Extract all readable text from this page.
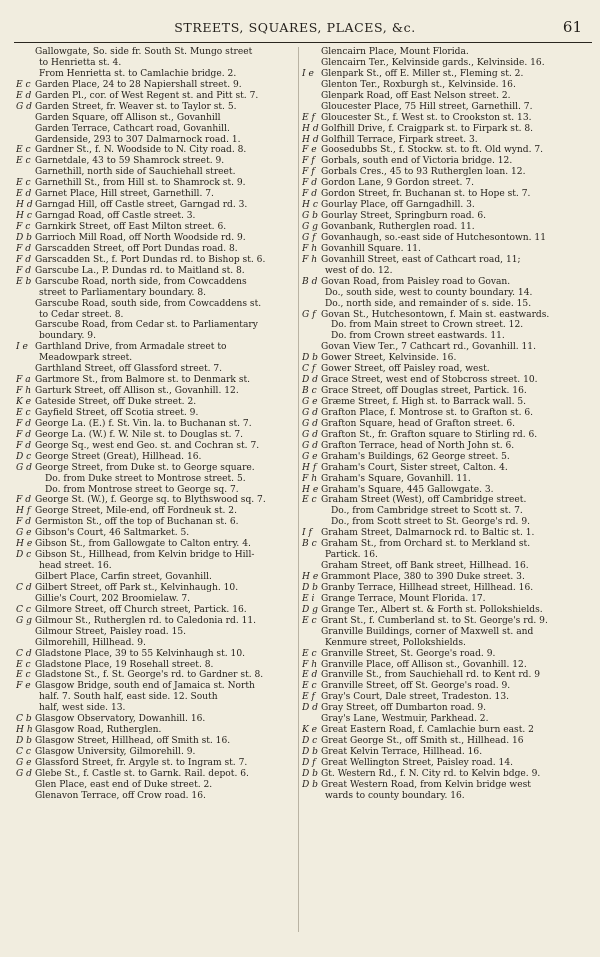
STREETS, SQUARES, PLACES, &c.	61
Gallowgate, So. side fr. South St. Mungo street
to Henrietta st. 4.
From Henrietta st. to Camlachie bridge. 2.
E c Garden Place, 24 to 28 Napiershall street. 9.
E d Garden Pl., cor. of West Regent st. and Pitt st. 7.
G d Garden Street, fr. Weaver st. to Taylor st. 5.
Garden Square, off Allison st., Govanhill
Garden Terrace, Cathcart road, Govanhill.
Gardenside, 293 to 307 Dalmarnock road. 1.
E c Gardner St., f. N. Woodside to N. City road. 8.
E c Garnetdale, 43 to 59 Shamrock street. 9.
Garnethill, north side of Sauchiehall street.
E c Garnethill St., from Hill st. to Shamrock st. 9.
E d Garnet Place, Hill street, Garnethill. 7.
H d Garngad Hill, off Castle street, Garngad rd. 3.
H c Garngad Road, off Castle street. 3.
F c Garnkirk Street, off East Milton street. 6.
D b Garrioch Mill Road, off North Woodside rd. 9.
F d Garscadden Street, off Port Dundas road. 8.
F d Garscadden St., f. Port Dundas rd. to Bishop st. 6.
F d Garscube La., P. Dundas rd. to Maitland st. 8.
E b Garscube Road, north side, from Cowcaddens
street to Parliamentary boundary. 8.
Garscube Road, south side, from Cowcaddens st.
to Cedar street. 8.
Garscube Road, from Cedar st. to Parliamentary
boundary. 9.
I e Garthland Drive, from Armadale street to
Meadowpark street.
Garthland Street, off Glassford street. 7.
F a Gartmore St., from Balmore st. to Denmark st.
F h Garturk Street, off Allison st., Govanhill. 12.
K e Gateside Street, off Duke street. 2.
E c Gayfield Street, off Scotia street. 9.
F d George La. (E.) f. St. Vin. la. to Buchanan st. 7.
F d George La. (W.) f. W. Nile st. to Douglas st. 7.
F d George Sq., west end Geo. st. and Cochran st. 7.
D c George Street (Great), Hillhead. 16.
G d George Street, from Duke st. to George square.
Do. from Duke street to Montrose street. 5.
Do. from Montrose street to George sq. 7.
F d George St. (W.), f. George sq. to Blythswood sq. 7.
H f George Street, Mile-end, off Fordneuk st. 2.
F d Germiston St., off the top of Buchanan st. 6.
G e Gibson's Court, 46 Saltmarket. 5.
H e Gibson St., from Gallowgate to Calton entry. 4.
D c Gibson St., Hillhead, from Kelvin bridge to Hill-
head street. 16.
Gilbert Place, Carfin street, Govanhill.
C d Gilbert Street, off Park st., Kelvinhaugh. 10.
Gillie's Court, 202 Broomielaw. 7.
C c Gilmore Street, off Church street, Partick. 16.
G g Gilmour St., Rutherglen rd. to Caledonia rd. 11.
Gilmour Street, Paisley road. 15.
Gilmorehill, Hillhead. 9.
C d Gladstone Place, 39 to 55 Kelvinhaugh st. 10.
E c Gladstone Place, 19 Rosehall street. 8.
E c Gladstone St., f. St. George's rd. to Gardner st. 8.
F e Glasgow Bridge, south end of Jamaica st. North
half. 7. South half, east side. 12. South
half, west side. 13.
C b Glasgow Observatory, Dowanhill. 16.
H h Glasgow Road, Rutherglen.
D b Glasgow Street, Hillhead, off Smith st. 16.
C c Glasgow University, Gilmorehill. 9.
G e Glassford Street, fr. Argyle st. to Ingram st. 7.
G d Glebe St., f. Castle st. to Garnk. Rail. depot. 6.
Glen Place, east end of Duke street. 2.
Glenavon Terrace, off Crow road. 16.
Glencairn Place, Mount Florida.
Glencairn Ter., Kelvinside gards., Kelvinside. 16.
I e Glenpark St., off E. Miller st., Fleming st. 2.
Glenton Ter., Roxburgh st., Kelvinside. 16.
Glenpark Road, off East Nelson street. 2.
Gloucester Place, 75 Hill street, Garnethill. 7.
E f Gloucester St., f. West st. to Crookston st. 13.
H d Golfhill Drive, f. Craigpark st. to Firpark st. 8.
H d Golfhill Terrace, Firpark street. 3.
F e Goosedubbs St., f. Stockw. st. to ft. Old wynd. 7.
F f Gorbals, south end of Victoria bridge. 12.
F f Gorbals Cres., 45 to 93 Rutherglen loan. 12.
F d Gordon Lane, 9 Gordon street. 7.
F d Gordon Street, fr. Buchanan st. to Hope st. 7.
H c Gourlay Place, off Garngadhill. 3.
G b Gourlay Street, Springburn road. 6.
G g Govanbank, Rutherglen road. 11.
G f Govanhaugh, so.-east side of Hutchesontown. 11
F h Govanhill Square. 11.
F h Govanhill Street, east of Cathcart road, 11;
west of do. 12.
B d Govan Road, from Paisley road to Govan.
Do., south side, west to county boundary. 14.
Do., north side, and remainder of s. side. 15.
G f Govan St., Hutchesontown, f. Main st. eastwards.
Do. from Main street to Crown street. 12.
Do. from Crown street eastwards. 11.
Govan View Ter., 7 Cathcart rd., Govanhill. 11.
D b Gower Street, Kelvinside. 16.
C f Gower Street, off Paisley road, west.
D d Grace Street, west end of Stobcross street. 10.
B c Grace Street, off Douglas street, Partick. 16.
G e Græme Street, f. High st. to Barrack wall. 5.
G d Grafton Place, f. Montrose st. to Grafton st. 6.
G d Grafton Square, head of Grafton street. 6.
G d Grafton St., fr. Grafton square to Stirling rd. 6.
G d Grafton Terrace, head of North John st. 6.
G e Graham's Buildings, 62 George street. 5.
H f Graham's Court, Sister street, Calton. 4.
F h Graham's Square, Govanhill. 11.
H e Graham's Square, 445 Gallowgate. 3.
E c Graham Street (West), off Cambridge street.
Do., from Cambridge street to Scott st. 7.
Do., from Scott street to St. George's rd. 9.
I f	Graham Street, Dalmarnock rd. to Baltic st. 1.
B c Graham St., from Orchard st. to Merkland st.
Partick. 16.
Graham Street, off Bank street, Hillhead. 16.
H e Grammont Place, 380 to 390 Duke street. 3.
D b Granby Terrace, Hillhead street, Hillhead. 16.
E i Grange Terrace, Mount Florida. 17.
D g Grange Ter., Albert st. & Forth st. Pollokshields.
E c Grant St., f. Cumberland st. to St. George's rd. 9.
Granville Buildings, corner of Maxwell st. and
Kenmure street, Pollokshields.
E c Granville Street, St. George's road. 9.
F h Granville Place, off Allison st., Govanhill. 12.
E d Granville St., from Sauchiehall rd. to Kent rd. 9
E c Granville Street, off St. George's road. 9.
E f Gray's Court, Dale street, Tradeston. 13.
D d Gray Street, off Dumbarton road. 9.
Gray's Lane, Westmuir, Parkhead. 2.
K e Great Eastern Road, f. Camlachie burn east. 2
D c Great George St., off Smith st., Hillhead. 16
D b Great Kelvin Terrace, Hillhead. 16.
D f Great Wellington Street, Paisley road. 14.
D b Gt. Western Rd., f. N. City rd. to Kelvin bdge. 9.
D b Great Western Road, from Kelvin bridge west
wards to county boundary. 16.
